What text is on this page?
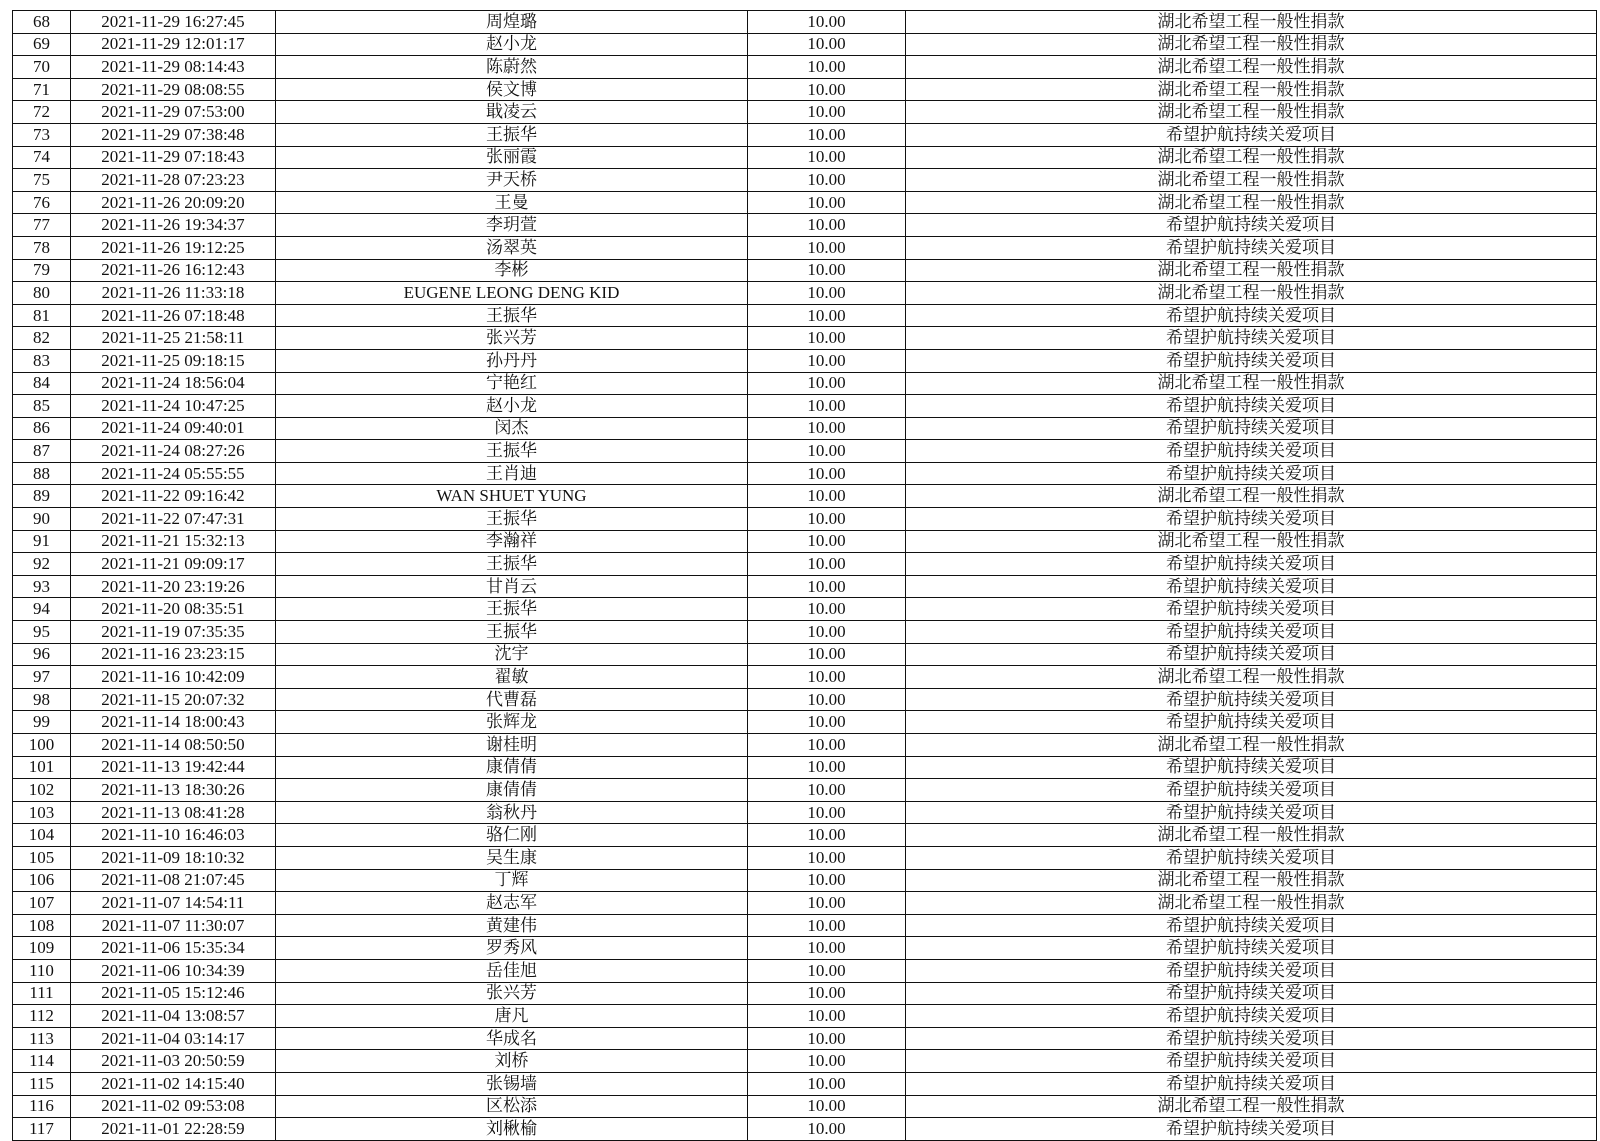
68	2021-11-29 16:27:45	周煌璐	10.00	湖北希望工程一般性捐款
69	2021-11-29 12:01:17	赵小龙	10.00	湖北希望工程一般性捐款
70	2021-11-29 08:14:43	陈蔚然	10.00	湖北希望工程一般性捐款
71	2021-11-29 08:08:55	侯文博	10.00	湖北希望工程一般性捐款
72	2021-11-29 07:53:00	戢凌云	10.00	湖北希望工程一般性捐款
73	2021-11-29 07:38:48	王振华	10.00	希望护航持续关爱项目
74	2021-11-29 07:18:43	张丽霞	10.00	湖北希望工程一般性捐款
75	2021-11-28 07:23:23	尹天桥	10.00	湖北希望工程一般性捐款
76	2021-11-26 20:09:20	王曼	10.00	湖北希望工程一般性捐款
77	2021-11-26 19:34:37	李玥萱	10.00	希望护航持续关爱项目
78	2021-11-26 19:12:25	汤翠英	10.00	希望护航持续关爱项目
79	2021-11-26 16:12:43	李彬	10.00	湖北希望工程一般性捐款
80	2021-11-26 11:33:18	EUGENE LEONG DENG KID	10.00	湖北希望工程一般性捐款
81	2021-11-26 07:18:48	王振华	10.00	希望护航持续关爱项目
82	2021-11-25 21:58:11	张兴芳	10.00	希望护航持续关爱项目
83	2021-11-25 09:18:15	孙丹丹	10.00	希望护航持续关爱项目
84	2021-11-24 18:56:04	宁艳红	10.00	湖北希望工程一般性捐款
85	2021-11-24 10:47:25	赵小龙	10.00	希望护航持续关爱项目
86	2021-11-24 09:40:01	闵杰	10.00	希望护航持续关爱项目
87	2021-11-24 08:27:26	王振华	10.00	希望护航持续关爱项目
88	2021-11-24 05:55:55	王肖迪	10.00	希望护航持续关爱项目
89	2021-11-22 09:16:42	WAN SHUET YUNG	10.00	湖北希望工程一般性捐款
90	2021-11-22 07:47:31	王振华	10.00	希望护航持续关爱项目
91	2021-11-21 15:32:13	李瀚祥	10.00	湖北希望工程一般性捐款
92	2021-11-21 09:09:17	王振华	10.00	希望护航持续关爱项目
93	2021-11-20 23:19:26	甘肖云	10.00	希望护航持续关爱项目
94	2021-11-20 08:35:51	王振华	10.00	希望护航持续关爱项目
95	2021-11-19 07:35:35	王振华	10.00	希望护航持续关爱项目
96	2021-11-16 23:23:15	沈宇	10.00	希望护航持续关爱项目
97	2021-11-16 10:42:09	翟敏	10.00	湖北希望工程一般性捐款
98	2021-11-15 20:07:32	代曹磊	10.00	希望护航持续关爱项目
99	2021-11-14 18:00:43	张辉龙	10.00	希望护航持续关爱项目
100	2021-11-14 08:50:50	谢桂明	10.00	湖北希望工程一般性捐款
101	2021-11-13 19:42:44	康倩倩	10.00	希望护航持续关爱项目
102	2021-11-13 18:30:26	康倩倩	10.00	希望护航持续关爱项目
103	2021-11-13 08:41:28	翁秋丹	10.00	希望护航持续关爱项目
104	2021-11-10 16:46:03	骆仁刚	10.00	湖北希望工程一般性捐款
105	2021-11-09 18:10:32	吴生康	10.00	希望护航持续关爱项目
106	2021-11-08 21:07:45	丁辉	10.00	湖北希望工程一般性捐款
107	2021-11-07 14:54:11	赵志军	10.00	湖北希望工程一般性捐款
108	2021-11-07 11:30:07	黄建伟	10.00	希望护航持续关爱项目
109	2021-11-06 15:35:34	罗秀风	10.00	希望护航持续关爱项目
110	2021-11-06 10:34:39	岳佳旭	10.00	希望护航持续关爱项目
111	2021-11-05 15:12:46	张兴芳	10.00	希望护航持续关爱项目
112	2021-11-04 13:08:57	唐凡	10.00	希望护航持续关爱项目
113	2021-11-04 03:14:17	华成名	10.00	希望护航持续关爱项目
114	2021-11-03 20:50:59	刘桥	10.00	希望护航持续关爱项目
115	2021-11-02 14:15:40	张锡墙	10.00	希望护航持续关爱项目
116	2021-11-02 09:53:08	区松添	10.00	湖北希望工程一般性捐款
117	2021-11-01 22:28:59	刘楸榆	10.00	希望护航持续关爱项目
